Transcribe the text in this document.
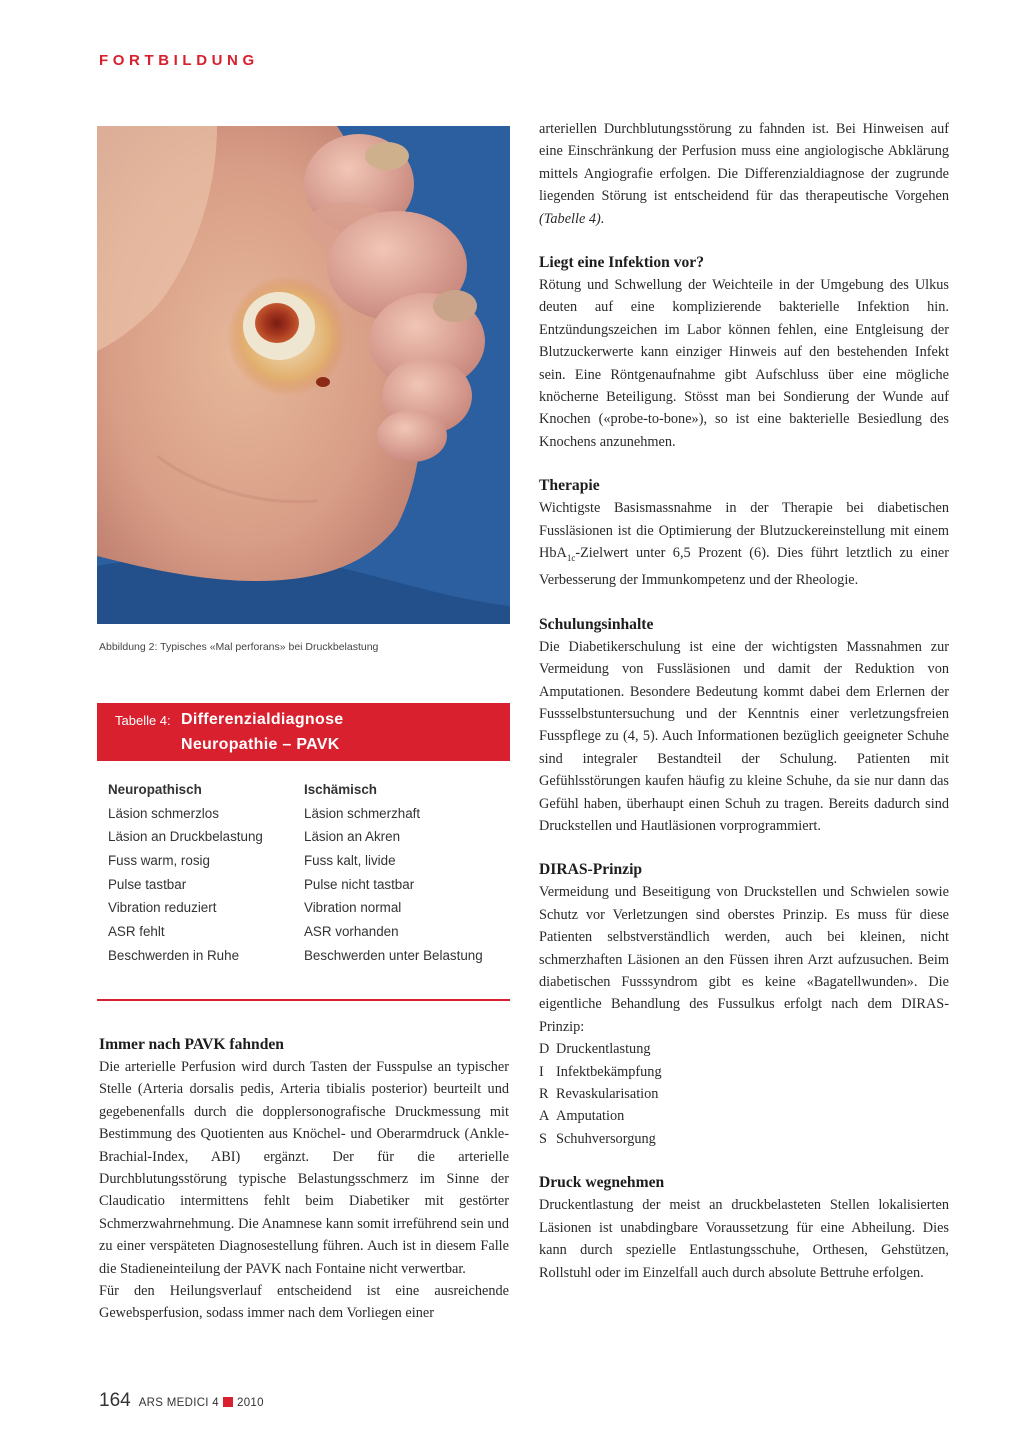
FORTBILDUNG
Abbildung 2: Typisches «Mal perforans» bei Druckbelastung
Tabelle 4: Differenzialdiagnose
Neuropathie – PAVK
Neuropathisch
Läsion schmerzlos
Läsion an Druckbelastung
Fuss warm, rosig
Pulse tastbar
Vibration reduziert
ASR fehlt
Beschwerden in Ruhe
Ischämisch
Läsion schmerzhaft
Läsion an Akren
Fuss kalt, livide
Pulse nicht tastbar
Vibration normal
ASR vorhanden
Beschwerden unter Belastung
Immer nach PAVK fahnden

Die arterielle Perfusion wird durch Tasten der Fusspulse an typischer Stelle (Arteria dorsalis pedis, Arteria tibialis posterior) beurteilt und gegebenenfalls durch die dopplersonografische Druckmessung mit Bestimmung des Quotienten aus Knöchel- und Oberarmdruck (Ankle-Brachial-Index, ABI) ergänzt. Der für die arterielle Durchblutungsstörung typische Belastungsschmerz im Sinne der Claudicatio intermittens fehlt beim Diabetiker mit gestörter Schmerzwahrnehmung. Die Anamnese kann somit irreführend sein und zu einer verspäteten Diagnosestellung führen. Auch ist in diesem Falle die Stadieneinteilung der PAVK nach Fontaine nicht verwertbar.

Für den Heilungsverlauf entscheidend ist eine ausreichende Gewebsperfusion, sodass immer nach dem Vorliegen einer

arteriellen Durchblutungsstörung zu fahnden ist. Bei Hinweisen auf eine Einschränkung der Perfusion muss eine angiologische Abklärung mittels Angiografie erfolgen. Die Differenzialdiagnose der zugrunde liegenden Störung ist entscheidend für das therapeutische Vorgehen (Tabelle 4).

Liegt eine Infektion vor?

Rötung und Schwellung der Weichteile in der Umgebung des Ulkus deuten auf eine komplizierende bakterielle Infektion hin. Entzündungszeichen im Labor können fehlen, eine Entgleisung der Blutzuckerwerte kann einziger Hinweis auf den bestehenden Infekt sein. Eine Röntgenaufnahme gibt Aufschluss über eine mögliche knöcherne Beteiligung. Stösst man bei Sondierung der Wunde auf Knochen («probe-to-bone»), so ist eine bakterielle Besiedlung des Knochens anzunehmen.

Therapie

Wichtigste Basismassnahme in der Therapie bei diabetischen Fussläsionen ist die Optimierung der Blutzuckereinstellung mit einem HbA$_{1c}$-Zielwert unter 6,5 Prozent (6). Dies führt letztlich zu einer Verbesserung der Immunkompetenz und der Rheologie.

Schulungsinhalte

Die Diabetikerschulung ist eine der wichtigsten Massnahmen zur Vermeidung von Fussläsionen und damit der Reduktion von Amputationen. Besondere Bedeutung kommt dabei dem Erlernen der Fussselbstuntersuchung und der Kenntnis einer verletzungsfreien Fusspflege zu (4, 5). Auch Informationen bezüglich geeigneter Schuhe sind integraler Bestandteil der Schulung. Patienten mit Gefühlsstörungen kaufen häufig zu kleine Schuhe, da sie nur dann das Gefühl haben, überhaupt einen Schuh zu tragen. Bereits dadurch sind Druckstellen und Hautläsionen vorprogrammiert.

DIRAS-Prinzip

Vermeidung und Beseitigung von Druckstellen und Schwielen sowie Schutz vor Verletzungen sind oberstes Prinzip. Es muss für diese Patienten selbstverständlich werden, auch bei kleinen, nicht schmerzhaften Läsionen an den Füssen ihren Arzt aufzusuchen. Beim diabetischen Fusssyndrom gibt es keine «Bagatellwunden». Die eigentliche Behandlung des Fussulkus erfolgt nach dem DIRAS-Prinzip:

D Druckentlastung
I Infektbekämpfung
R Revaskularisation
A Amputation
S Schuhversorgung
Druck wegnehmen

Druckentlastung der meist an druckbelasteten Stellen lokalisierten Läsionen ist unabdingbare Voraussetzung für eine Abheilung. Dies kann durch spezielle Entlastungsschuhe, Orthesen, Gehstützen, Rollstuhl oder im Einzelfall auch durch absolute Bettruhe erfolgen.

164 ARS MEDICI 4 2010
